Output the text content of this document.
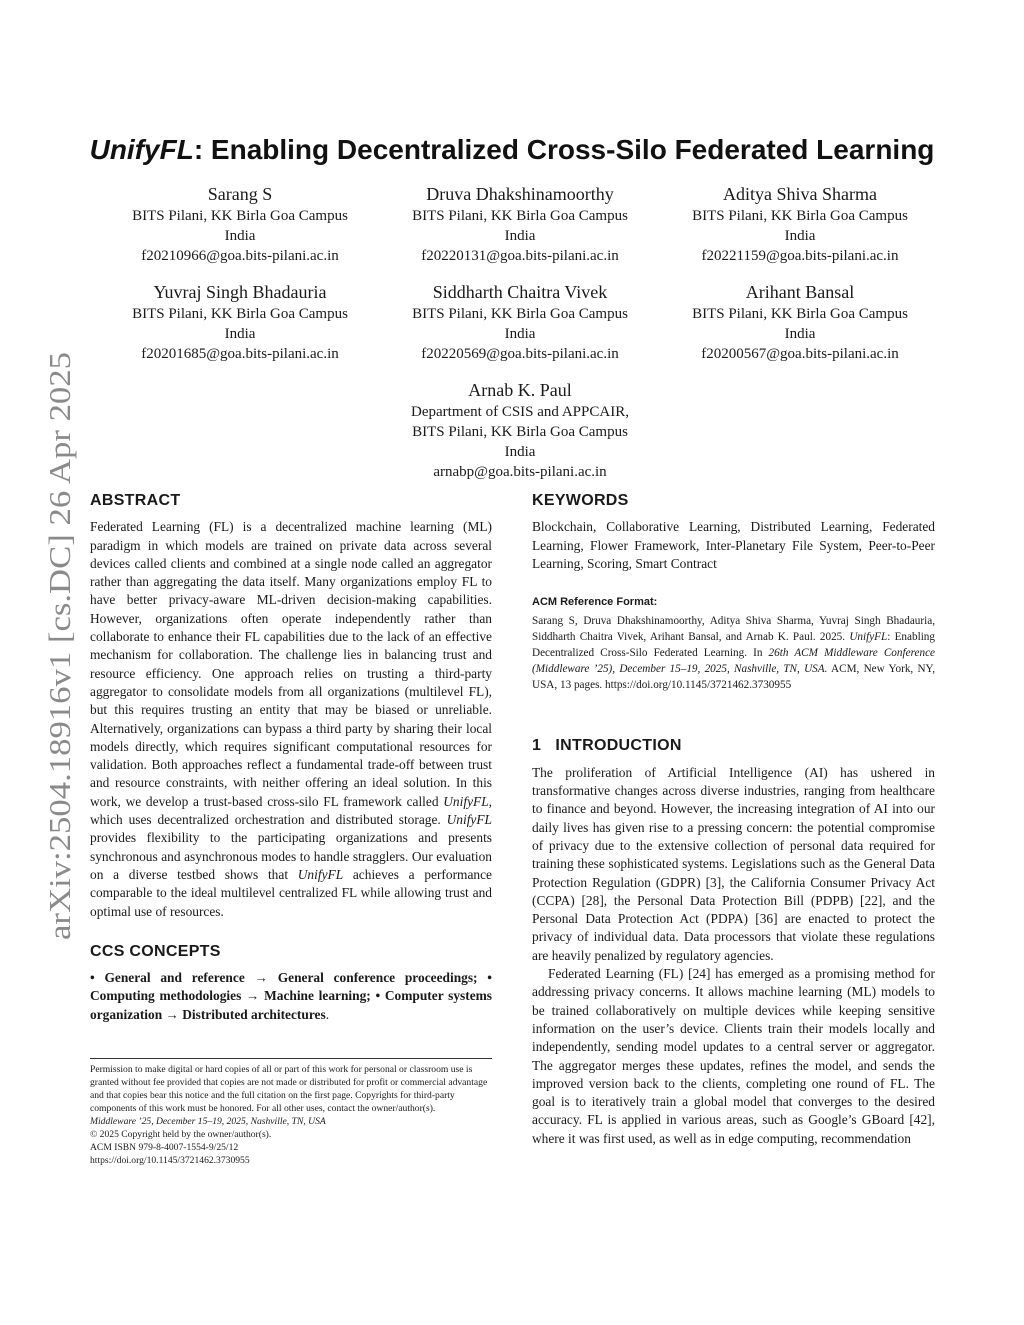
arXiv:2504.18916v1 [cs.DC] 26 Apr 2025
UnifyFL: Enabling Decentralized Cross-Silo Federated Learning
Sarang S
BITS Pilani, KK Birla Goa Campus
India
f20210966@goa.bits-pilani.ac.in
Druva Dhakshinamoorthy
BITS Pilani, KK Birla Goa Campus
India
f20220131@goa.bits-pilani.ac.in
Aditya Shiva Sharma
BITS Pilani, KK Birla Goa Campus
India
f20221159@goa.bits-pilani.ac.in
Yuvraj Singh Bhadauria
BITS Pilani, KK Birla Goa Campus
India
f20201685@goa.bits-pilani.ac.in
Siddharth Chaitra Vivek
BITS Pilani, KK Birla Goa Campus
India
f20220569@goa.bits-pilani.ac.in
Arihant Bansal
BITS Pilani, KK Birla Goa Campus
India
f20200567@goa.bits-pilani.ac.in
Arnab K. Paul
Department of CSIS and APPCAIR,
BITS Pilani, KK Birla Goa Campus
India
arnabp@goa.bits-pilani.ac.in
ABSTRACT

Federated Learning (FL) is a decentralized machine learning (ML) paradigm in which models are trained on private data across several devices called clients and combined at a single node called an aggregator rather than aggregating the data itself. Many organizations employ FL to have better privacy-aware ML-driven decision-making capabilities. However, organizations often operate independently rather than collaborate to enhance their FL capabilities due to the lack of an effective mechanism for collaboration. The challenge lies in balancing trust and resource efficiency. One approach relies on trusting a third-party aggregator to consolidate models from all organizations (multilevel FL), but this requires trusting an entity that may be biased or unreliable. Alternatively, organizations can bypass a third party by sharing their local models directly, which requires significant computational resources for validation. Both approaches reflect a fundamental trade-off between trust and resource constraints, with neither offering an ideal solution. In this work, we develop a trust-based cross-silo FL framework called UnifyFL, which uses decentralized orchestration and distributed storage. UnifyFL provides flexibility to the participating organizations and presents synchronous and asynchronous modes to handle stragglers. Our evaluation on a diverse testbed shows that UnifyFL achieves a performance comparable to the ideal multilevel centralized FL while allowing trust and optimal use of resources.

CCS CONCEPTS

• General and reference → General conference proceedings; • Computing methodologies → Machine learning; • Computer systems organization → Distributed architectures.

Permission to make digital or hard copies of all or part of this work for personal or classroom use is granted without fee provided that copies are not made or distributed for profit or commercial advantage and that copies bear this notice and the full citation on the first page. Copyrights for third-party components of this work must be honored. For all other uses, contact the owner/author(s).
Middleware ’25, December 15–19, 2025, Nashville, TN, USA
© 2025 Copyright held by the owner/author(s).
ACM ISBN 979-8-4007-1554-9/25/12
https://doi.org/10.1145/3721462.3730955
KEYWORDS

Blockchain, Collaborative Learning, Distributed Learning, Federated Learning, Flower Framework, Inter-Planetary File System, Peer-to-Peer Learning, Scoring, Smart Contract

ACM Reference Format:

Sarang S, Druva Dhakshinamoorthy, Aditya Shiva Sharma, Yuvraj Singh Bhadauria, Siddharth Chaitra Vivek, Arihant Bansal, and Arnab K. Paul. 2025. UnifyFL: Enabling Decentralized Cross-Silo Federated Learning. In 26th ACM Middleware Conference (Middleware ’25), December 15–19, 2025, Nashville, TN, USA. ACM, New York, NY, USA, 13 pages. https://doi.org/10.1145/3721462.3730955

1   INTRODUCTION

The proliferation of Artificial Intelligence (AI) has ushered in transformative changes across diverse industries, ranging from healthcare to finance and beyond. However, the increasing integration of AI into our daily lives has given rise to a pressing concern: the potential compromise of privacy due to the extensive collection of personal data required for training these sophisticated systems. Legislations such as the General Data Protection Regulation (GDPR) [3], the California Consumer Privacy Act (CCPA) [28], the Personal Data Protection Bill (PDPB) [22], and the Personal Data Protection Act (PDPA) [36] are enacted to protect the privacy of individual data. Data processors that violate these regulations are heavily penalized by regulatory agencies.

Federated Learning (FL) [24] has emerged as a promising method for addressing privacy concerns. It allows machine learning (ML) models to be trained collaboratively on multiple devices while keeping sensitive information on the user’s device. Clients train their models locally and independently, sending model updates to a central server or aggregator. The aggregator merges these updates, refines the model, and sends the improved version back to the clients, completing one round of FL. The goal is to iteratively train a global model that converges to the desired accuracy. FL is applied in various areas, such as Google’s GBoard [42], where it was first used, as well as in edge computing, recommendation
